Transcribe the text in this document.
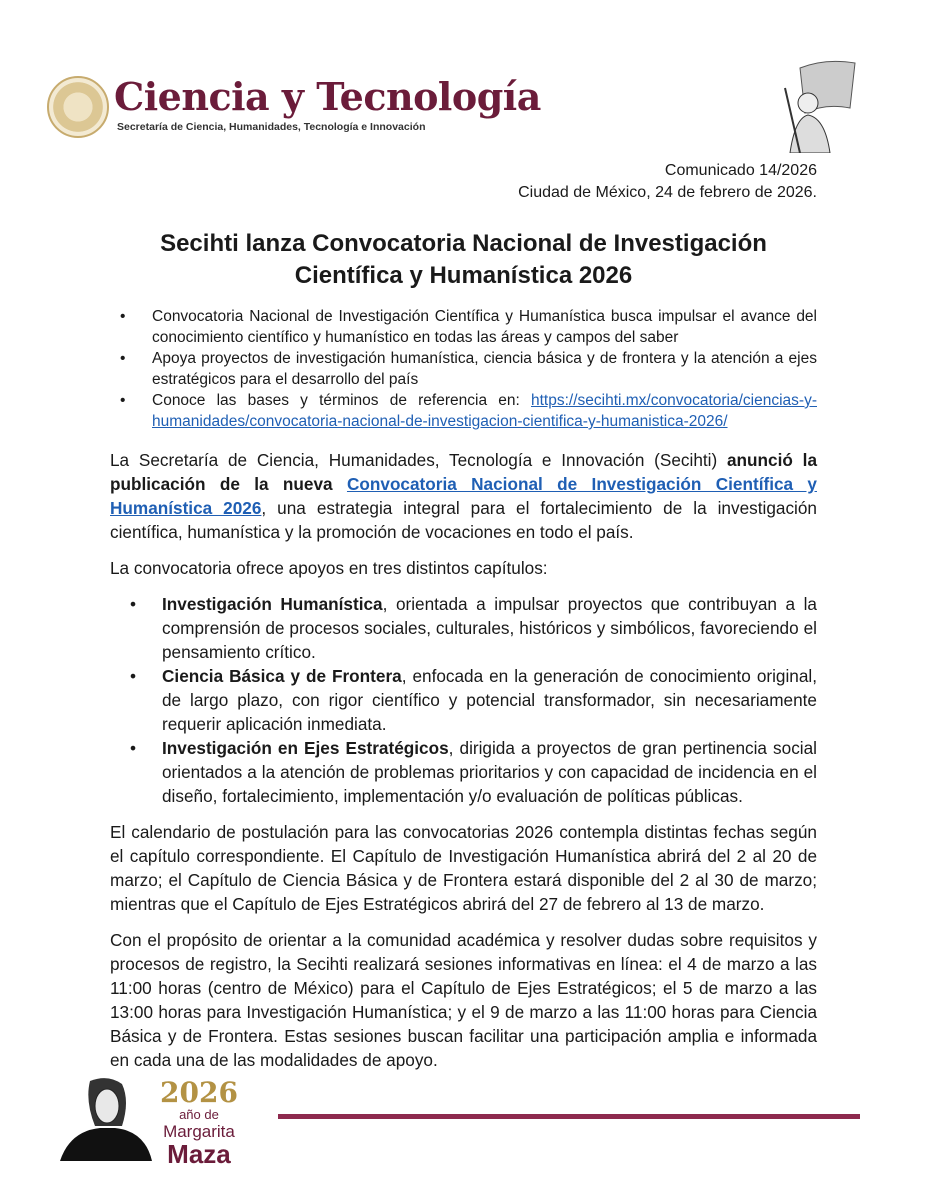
Ciencia y Tecnología
Secretaría de Ciencia, Humanidades, Tecnología e Innovación
Comunicado 14/2026
Ciudad de México, 24 de febrero de 2026.
Secihti lanza Convocatoria Nacional de Investigación Científica y Humanística 2026
• Convocatoria Nacional de Investigación Científica y Humanística busca impulsar el avance del conocimiento científico y humanístico en todas las áreas y campos del saber
• Apoya proyectos de investigación humanística, ciencia básica y de frontera y la atención a ejes estratégicos para el desarrollo del país
• Conoce las bases y términos de referencia en: https://secihti.mx/convocatoria/ciencias-y-humanidades/convocatoria-nacional-de-investigacion-cientifica-y-humanistica-2026/
La Secretaría de Ciencia, Humanidades, Tecnología e Innovación (Secihti) anunció la publicación de la nueva Convocatoria Nacional de Investigación Científica y Humanística 2026, una estrategia integral para el fortalecimiento de la investigación científica, humanística y la promoción de vocaciones en todo el país.
La convocatoria ofrece apoyos en tres distintos capítulos:
• Investigación Humanística, orientada a impulsar proyectos que contribuyan a la comprensión de procesos sociales, culturales, históricos y simbólicos, favoreciendo el pensamiento crítico.
• Ciencia Básica y de Frontera, enfocada en la generación de conocimiento original, de largo plazo, con rigor científico y potencial transformador, sin necesariamente requerir aplicación inmediata.
• Investigación en Ejes Estratégicos, dirigida a proyectos de gran pertinencia social orientados a la atención de problemas prioritarios y con capacidad de incidencia en el diseño, fortalecimiento, implementación y/o evaluación de políticas públicas.
El calendario de postulación para las convocatorias 2026 contempla distintas fechas según el capítulo correspondiente. El Capítulo de Investigación Humanística abrirá del 2 al 20 de marzo; el Capítulo de Ciencia Básica y de Frontera estará disponible del 2 al 30 de marzo; mientras que el Capítulo de Ejes Estratégicos abrirá del 27 de febrero al 13 de marzo.
Con el propósito de orientar a la comunidad académica y resolver dudas sobre requisitos y procesos de registro, la Secihti realizará sesiones informativas en línea: el 4 de marzo a las 11:00 horas (centro de México) para el Capítulo de Ejes Estratégicos; el 5 de marzo a las 13:00 horas para Investigación Humanística; y el 9 de marzo a las 11:00 horas para Ciencia Básica y de Frontera. Estas sesiones buscan facilitar una participación amplia e informada en cada una de las modalidades de apoyo.
2026
año de
Margarita
Maza
